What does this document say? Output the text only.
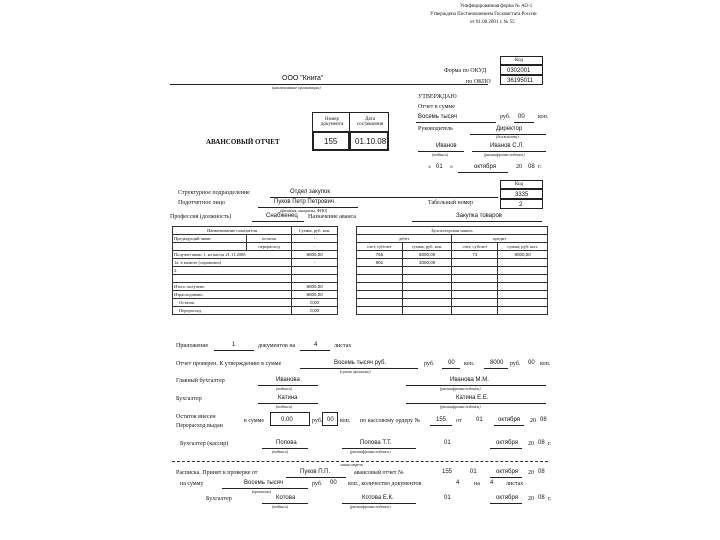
Унифицированная форма № АО-1
Утверждена Постановлением Госкомстата России
от 01.08.2001 г. № 55
Код
Форма по ОКУД	0302001
по ОКПО	36195011
ООО "Книга"
(наименование организации)
УТВЕРЖДАЮ
Отчет в сумме
Восемь тысяч	руб. 00 коп.
Руководитель	Директор
(должность)
Иванов
(подпись)
Иванов С.Л.
(расшифровка подписи)
« 01 »	октября	20 08 г.
Номер документа
Дата составления
155 01.10.08
АВАНСОВЫЙ ОТЧЕТ
Код
Структурное подразделение	Отдел закупок	3335
Подотчетное лицо	Пуков Петр Петрович
(фамилия, инициалы, ФИО)
Табельный номер	2
Профессия (должность)	Снабженец Назначение аванса	Закупка товаров
Наименование показателя		Сумма, руб. коп.
Предыдущий аванс	остаток	-
	перерасход	-
Получен аванс 1. из кассы 21.11.2008		8000,00
1а. в валюте (справочно)		-
2.		

Итого получено		8000,00
Израсходовано		8000,00
Остаток		0,00
Перерасход		0,00
Бухгалтерская запись			
дебет		кредит	
счет, субсчет	сумма, руб. коп.	счет, субсчет	сумма, руб. коп.
765	5000,00	71	8000,00
901	3000,00		

Приложение	1	документов на	4	листах
Отчет проверен. К утверждению в сумме	Восемь тысяч руб.
(сумма прописью)
руб. 00 коп.	8000 руб. 00 коп.
Главный бухгалтер	Иванова
(подпись)
Иванова М.М.
(расшифровка подписи)
Бухгалтер	Катина
(подпись)
Катина Е.Е.
(расшифровка подписи)
Остаток внесен
Перерасход выдан
в сумме	0,00	руб. 00 коп. по кассовому ордеру №	155 от 01	октября 20 08
Бухгалтер (кассир)	Попова
(подпись)
Попова Т.Т.
(расшифровка подписи)
01	октября 20 08 г.
линия отреза
Расписка. Принят к проверке от	Пуков П.П.	авансовый отчет №	155	01	октября 20 08
на сумму	Восемь тысяч
(прописью)
руб. 00 коп., количество документов	4 на 4 листах
Бухгалтер	Котова
(подпись)
Котова Е.К.
(расшифровка подписи)
01	октября 20 08 г.
